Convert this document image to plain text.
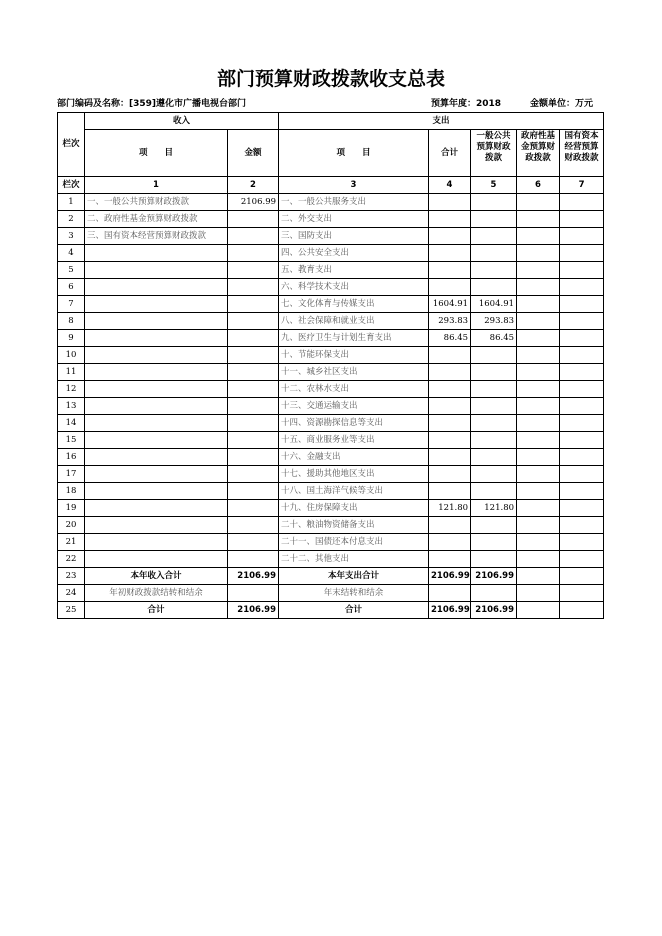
部门预算财政拨款收支总表
部门编码及名称：[359]遵化市广播电视台部门	预算年度：2018	金额单位：万元
栏次	收入		支出				
	项　　目	金额	项　　目	合计	一般公共预算财政拨款	政府性基金预算财政拨款	国有资本经营预算财政拨款
栏次	1	2	3	4	5	6	7
1	一、一般公共预算财政拨款	2106.99	一、一般公共服务支出				
2	二、政府性基金预算财政拨款		二、外交支出				
3	三、国有资本经营预算财政拨款		三、国防支出				
4			四、公共安全支出				
5			五、教育支出				
6			六、科学技术支出				
7			七、文化体育与传媒支出	1604.91	1604.91		
8			八、社会保障和就业支出	293.83	293.83		
9			九、医疗卫生与计划生育支出	86.45	86.45		
10			十、节能环保支出				
11			十一、城乡社区支出				
12			十二、农林水支出				
13			十三、交通运输支出				
14			十四、资源勘探信息等支出				
15			十五、商业服务业等支出				
16			十六、金融支出				
17			十七、援助其他地区支出				
18			十八、国土海洋气候等支出				
19			十九、住房保障支出	121.80	121.80		
20			二十、粮油物资储备支出				
21			二十一、国债还本付息支出				
22			二十二、其他支出				
23	本年收入合计	2106.99	本年支出合计	2106.99	2106.99		
24	年初财政拨款结转和结余		年末结转和结余				
25	合计	2106.99	合计	2106.99	2106.99		
